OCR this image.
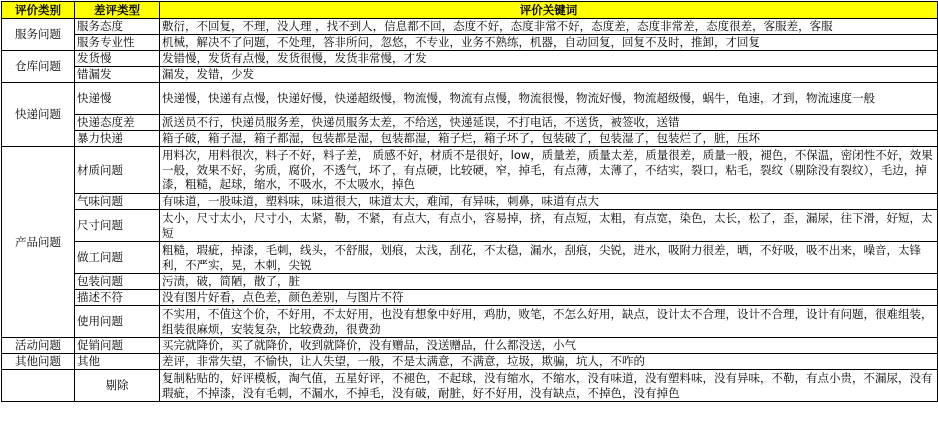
评价类别	差评类型	评价关键词
服务问题	服务态度	敷衍，不回复，不理，没人理 ，找不到人，信息都不回，态度不好，态度非常不好，态度差，态度非常差，态度很差，客服差，客服
	服务专业性	机械，解决不了问题，不处理，答非所问，忽悠，不专业，业务不熟练，机器，自动回复，回复不及时，推卸，才回复
仓库问题	发货慢	发错慢，发货有点慢，发货很慢，发货非常慢，才发
	错漏发	漏发，发错，少发
快递问题	快递慢	快递慢，快递有点慢，快递好慢，快递超级慢，物流慢，物流有点慢，物流很慢，物流好慢，物流超级慢，蜗牛，龟速，才到，物流速度一般
	快递态度差	派送员不行，快递员服务差，快递员服务太差，不给送，快递延误，不打电话，不送货，被签收，送错
	暴力快递	箱子破，箱子湿，箱子都湿，包装都是湿，包装都湿，箱子烂，箱子坏了，包装破了，包装湿了，包装烂了，脏，压坏
产品问题	材质问题	用料次，用料很次，料子不好，料子差， 质感不好，材质不是很好，low，质量差，质量太差，质量很差，质量一般，褪色，不保温，密闭性不好，效果一般，效果不好，劣质，腐价，不透气，坏了，有点硬，比较硬，窄，掉毛，有点薄，太薄了，不结实，裂口，粘毛，裂纹（剔除没有裂纹），毛边，掉漆，粗糙，起球，缩水，不吸水，不太吸水，掉色
	气味问题	有味道，一股味道，塑料味，味道很大，味道太大，难闻，有异味，刺鼻，味道有点大
	尺寸问题	太小，尺寸太小，尺寸小，太紧，勒，不紧，有点大，有点小，容易掉，挤，有点短，太粗，有点宽，染色，太长，松了，歪，漏尿，往下滑，好短，太短
	做工问题	粗糙，瑕疵，掉漆，毛刺，线头，不舒服，划痕，太浅，刮花，不太稳，漏水，刮痕，尖锐，进水，吸附力很差，晒，不好吸，吸不出来，噪音，太锋利，不严实，晃，木刺，尖锐
	包装问题	污渍，破，简陋，散了，脏
	描述不符	没有图片好看，点色差，颜色差别，与图片不符
	使用问题	不实用，不值这个价，不好用，不太好用，也没有想象中好用，鸡肋，败笔，不怎么好用，缺点，设计太不合理，设计不合理，设计有问题，很难组装，组装很麻烦，安装复杂，比较费劲，很费劲
活动问题	促销问题	买完就降价，买了就降价，收到就降价，没有赠品，没送赠品，什么都没送，小气
其他问题	其他	差评，非常失望，不愉快，让人失望，一般，不是太满意，不满意，垃圾，欺骗，坑人，不咋的
	剔除	复制粘贴的，好评模板，淘气值，五星好评，不褪色，不起球，没有缩水，不缩水，没有味道，没有塑料味，没有异味，不勒，有点小贵，不漏尿，没有瑕疵，不掉漆，没有毛刺，不漏水，不掉毛，没有破，耐脏，好不好用，没有缺点，不掉色，没有掉色
